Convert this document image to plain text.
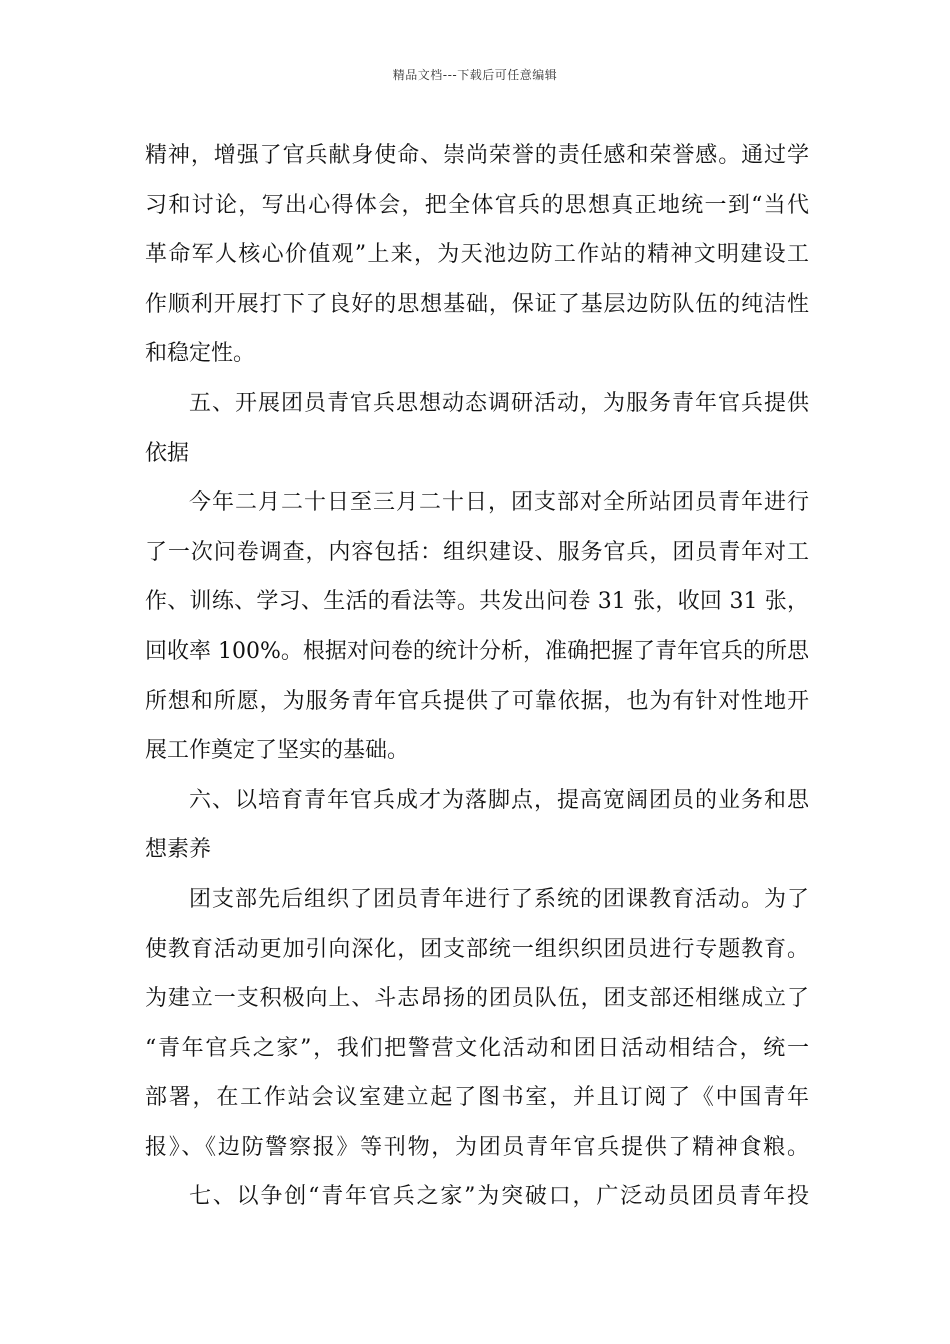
精品文档---下载后可任意编辑
精神，增强了官兵献身使命、崇尚荣誉的责任感和荣誉感。通过学
习和讨论，写出心得体会，把全体官兵的思想真正地统一到“当代
革命军人核心价值观”上来，为天池边防工作站的精神文明建设工
作顺利开展打下了良好的思想基础，保证了基层边防队伍的纯洁性
和稳定性。
五、开展团员青官兵思想动态调研活动，为服务青年官兵提供
依据
今年二月二十日至三月二十日，团支部对全所站团员青年进行
了一次问卷调查，内容包括：组织建设、服务官兵，团员青年对工
作、训练、学习、生活的看法等。共发出问卷 31 张，收回 31 张，
回收率 100%。根据对问卷的统计分析，准确把握了青年官兵的所思
所想和所愿，为服务青年官兵提供了可靠依据，也为有针对性地开
展工作奠定了坚实的基础。
六、以培育青年官兵成才为落脚点，提高宽阔团员的业务和思
想素养
团支部先后组织了团员青年进行了系统的团课教育活动。为了
使教育活动更加引向深化，团支部统一组织织团员进行专题教育。
为建立一支积极向上、斗志昂扬的团员队伍，团支部还相继成立了
“青年官兵之家”，我们把警营文化活动和团日活动相结合，统一
部署，在工作站会议室建立起了图书室，并且订阅了《中国青年
报》、《边防警察报》等刊物，为团员青年官兵提供了精神食粮。
七、以争创“青年官兵之家”为突破口，广泛动员团员青年投
